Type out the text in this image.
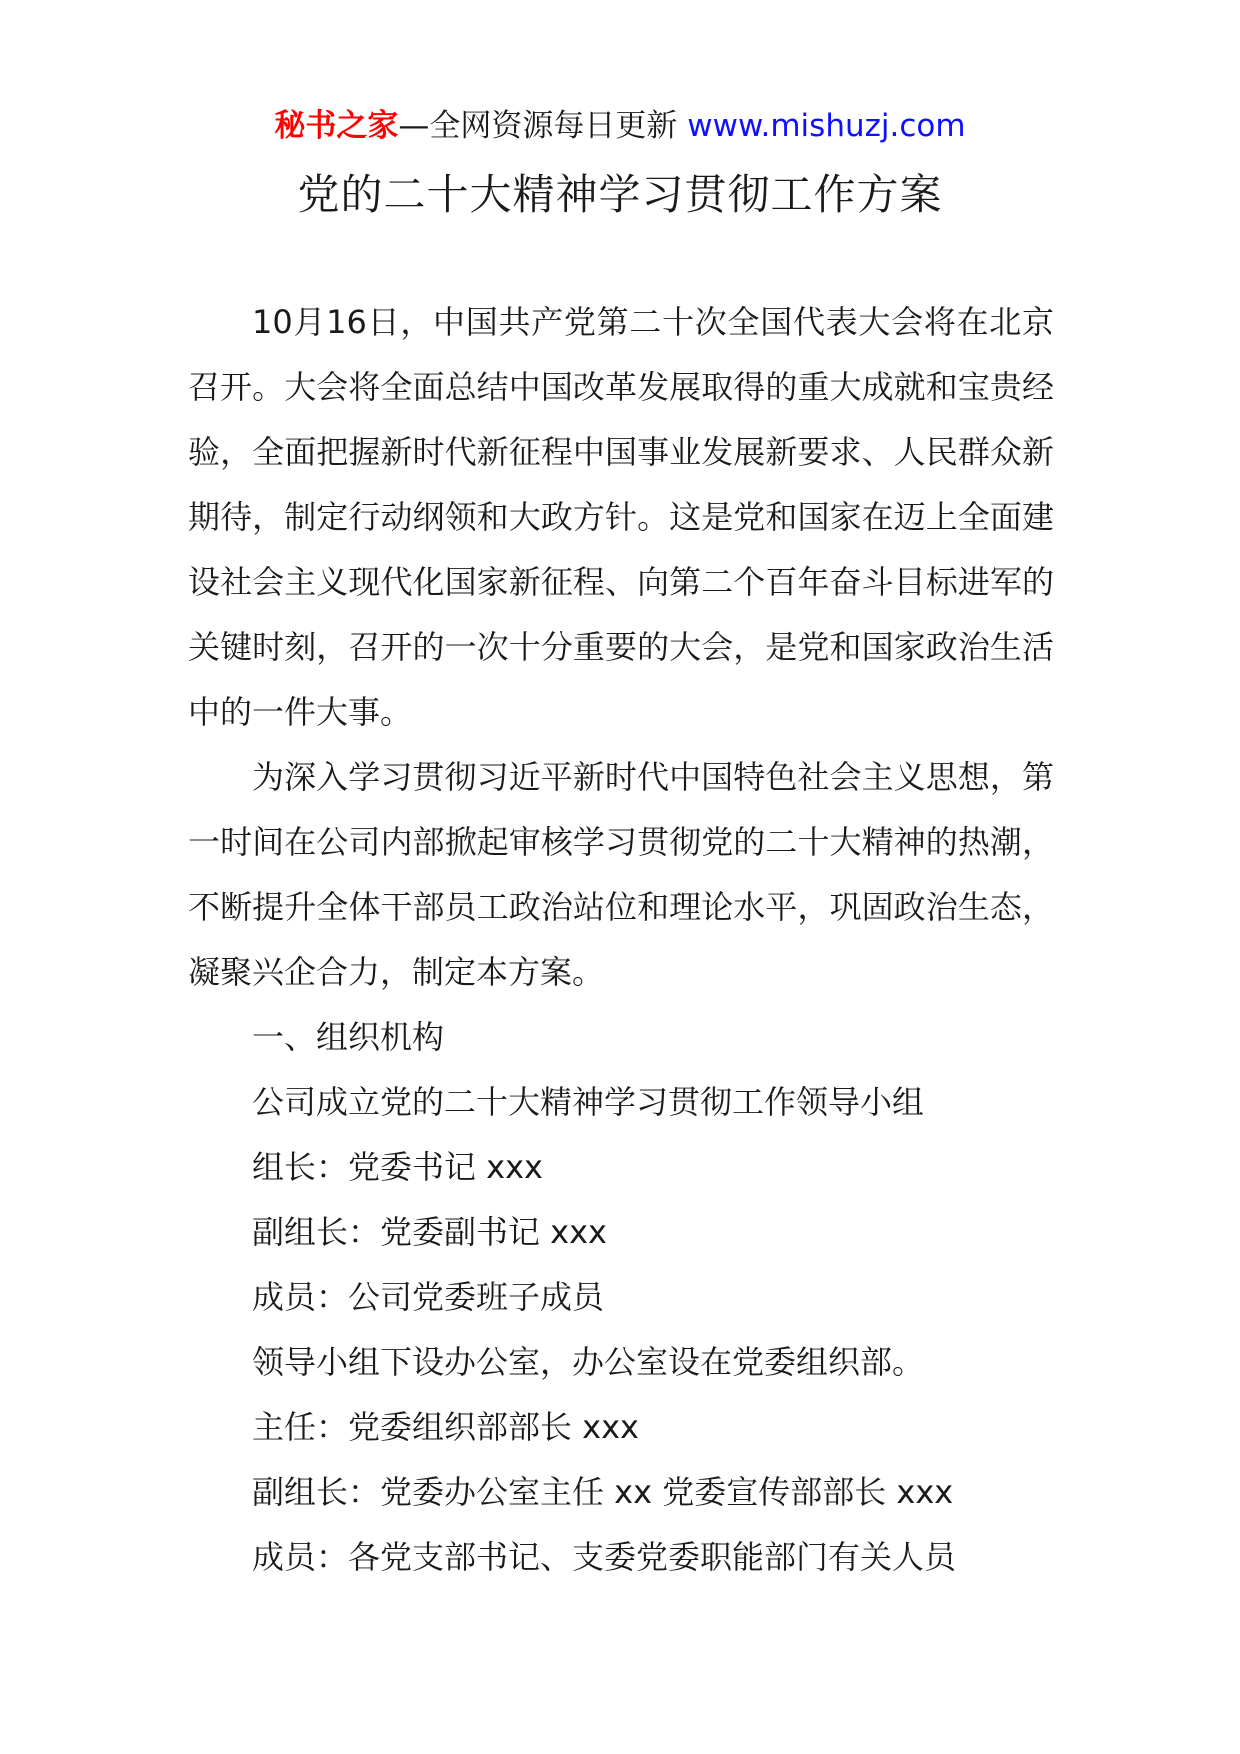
秘书之家—全网资源每日更新 www.mishuzj.com
党的二十大精神学习贯彻工作方案

10月16日，中国共产党第二十次全国代表大会将在北京召开。大会将全面总结中国改革发展取得的重大成就和宝贵经验，全面把握新时代新征程中国事业发展新要求、人民群众新期待，制定行动纲领和大政方针。这是党和国家在迈上全面建设社会主义现代化国家新征程、向第二个百年奋斗目标进军的关键时刻，召开的一次十分重要的大会，是党和国家政治生活中的一件大事。

为深入学习贯彻习近平新时代中国特色社会主义思想，第一时间在公司内部掀起审核学习贯彻党的二十大精神的热潮，不断提升全体干部员工政治站位和理论水平，巩固政治生态，凝聚兴企合力，制定本方案。

一、组织机构

公司成立党的二十大精神学习贯彻工作领导小组

组长：党委书记 xxx

副组长：党委副书记 xxx

成员：公司党委班子成员

领导小组下设办公室，办公室设在党委组织部。

主任：党委组织部部长 xxx

副组长：党委办公室主任 xx 党委宣传部部长 xxx

成员：各党支部书记、支委党委职能部门有关人员
